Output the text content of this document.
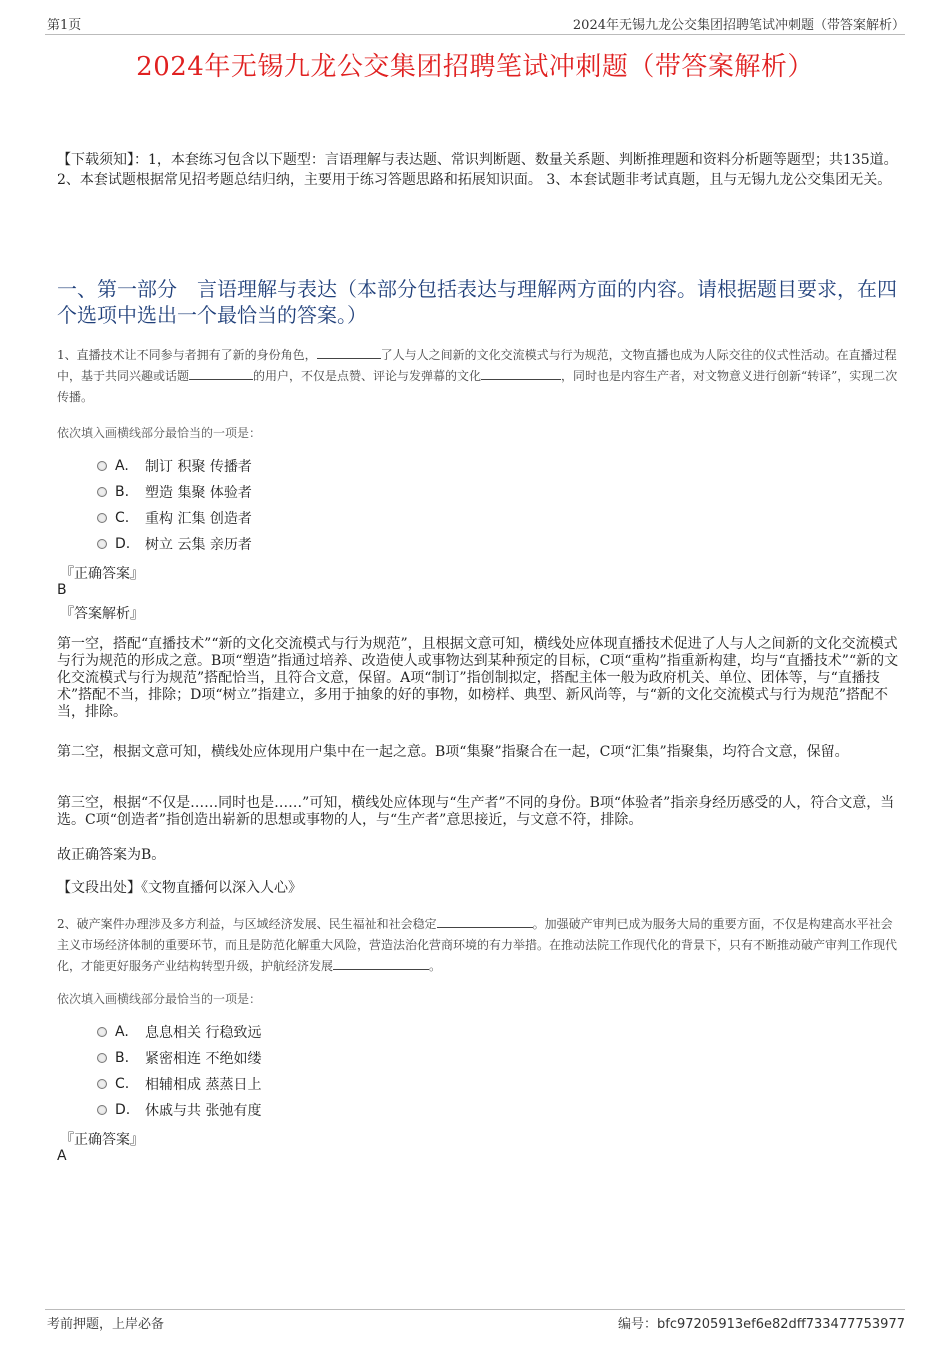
第1页	2024年无锡九龙公交集团招聘笔试冲刺题（带答案解析）
2024年无锡九龙公交集团招聘笔试冲刺题（带答案解析）
【下载须知】：1，本套练习包含以下题型：言语理解与表达题、常识判断题、数量关系题、判断推理题和资料分析题等题型；共135道。 2、本套试题根据常见招考题总结归纳，主要用于练习答题思路和拓展知识面。 3、本套试题非考试真题，且与无锡九龙公交集团无关。
一、第一部分　言语理解与表达（本部分包括表达与理解两方面的内容。请根据题目要求，在四个选项中选出一个最恰当的答案。）
1、直播技术让不同参与者拥有了新的身份角色，	了人与人之间新的文化交流模式与行为规范，文物直播也成为人际交往的仪式性活动。在直播过程中，基于共同兴趣或话题	的用户，不仅是点赞、评论与发弹幕的文化	，同时也是内容生产者，对文物意义进行创新“转译”，实现二次传播。
依次填入画横线部分最恰当的一项是：
A.	制订 积聚 传播者
B.	塑造 集聚 体验者
C.	重构 汇集 创造者
D.	树立 云集 亲历者
『正确答案』
B
『答案解析』
第一空，搭配“直播技术”“新的文化交流模式与行为规范”，且根据文意可知，横线处应体现直播技术促进了人与人之间新的文化交流模式与行为规范的形成之意。B项“塑造”指通过培养、改造使人或事物达到某种预定的目标，C项“重构”指重新构建，均与“直播技术”“新的文化交流模式与行为规范”搭配恰当，且符合文意，保留。A项“制订”指创制拟定，搭配主体一般为政府机关、单位、团体等，与“直播技术”搭配不当，排除；D项“树立”指建立，多用于抽象的好的事物，如榜样、典型、新风尚等，与“新的文化交流模式与行为规范”搭配不当，排除。
第二空，根据文意可知，横线处应体现用户集中在一起之意。B项“集聚”指聚合在一起，C项“汇集”指聚集，均符合文意，保留。
第三空，根据“不仅是……同时也是……”可知，横线处应体现与“生产者”不同的身份。B项“体验者”指亲身经历感受的人，符合文意，当选。C项“创造者”指创造出崭新的思想或事物的人，与“生产者”意思接近，与文意不符，排除。
故正确答案为B。
【文段出处】《文物直播何以深入人心》
2、破产案件办理涉及多方利益，与区域经济发展、民生福祉和社会稳定	。加强破产审判已成为服务大局的重要方面，不仅是构建高水平社会主义市场经济体制的重要环节，而且是防范化解重大风险，营造法治化营商环境的有力举措。在推动法院工作现代化的背景下，只有不断推动破产审判工作现代化，才能更好服务产业结构转型升级，护航经济发展	。
依次填入画横线部分最恰当的一项是：
A.	息息相关 行稳致远
B.	紧密相连 不绝如缕
C.	相辅相成 蒸蒸日上
D.	休戚与共 张弛有度
『正确答案』
A
考前押题，上岸必备	编号：bfc97205913ef6e82dff733477753977
